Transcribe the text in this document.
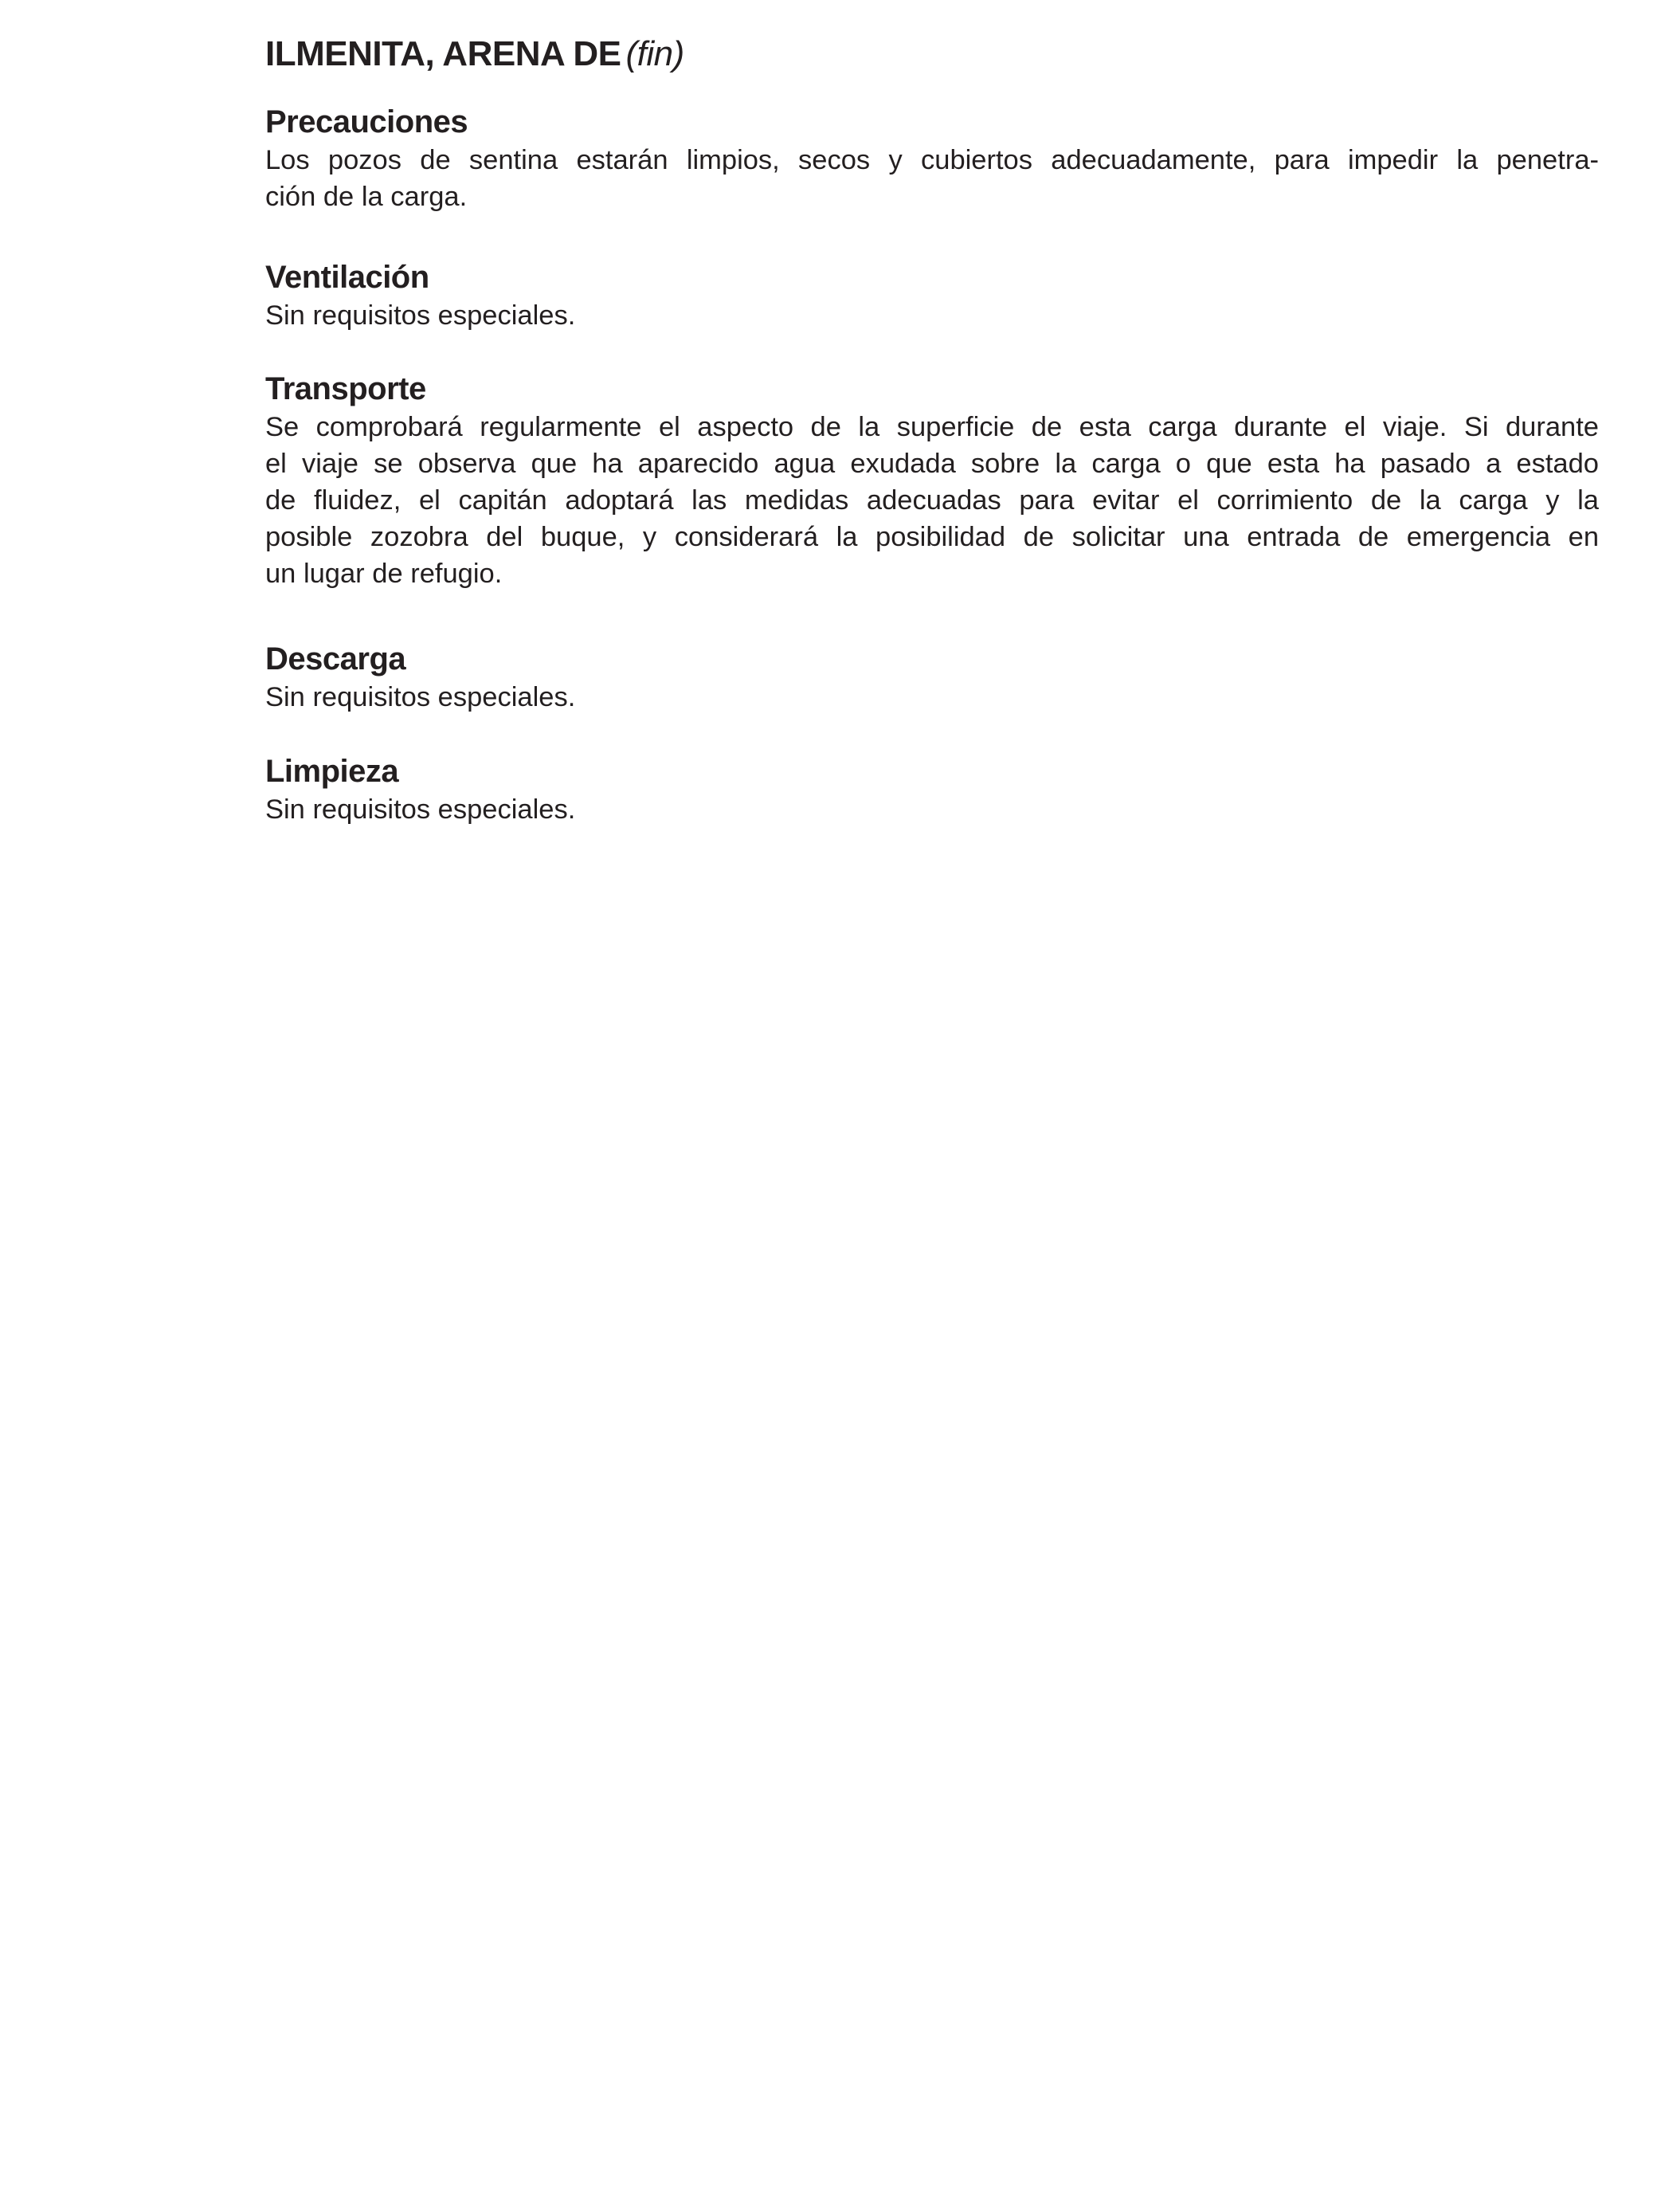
ILMENITA, ARENA DE (fin)
Precauciones
Los pozos de sentina estarán limpios, secos y cubiertos adecuadamente, para impedir la penetra-
ción de la carga.
Ventilación
Sin requisitos especiales.
Transporte
Se comprobará regularmente el aspecto de la superficie de esta carga durante el viaje. Si durante
el viaje se observa que ha aparecido agua exudada sobre la carga o que esta ha pasado a estado
de fluidez, el capitán adoptará las medidas adecuadas para evitar el corrimiento de la carga y la
posible zozobra del buque, y considerará la posibilidad de solicitar una entrada de emergencia en
un lugar de refugio.
Descarga
Sin requisitos especiales.
Limpieza
Sin requisitos especiales.
